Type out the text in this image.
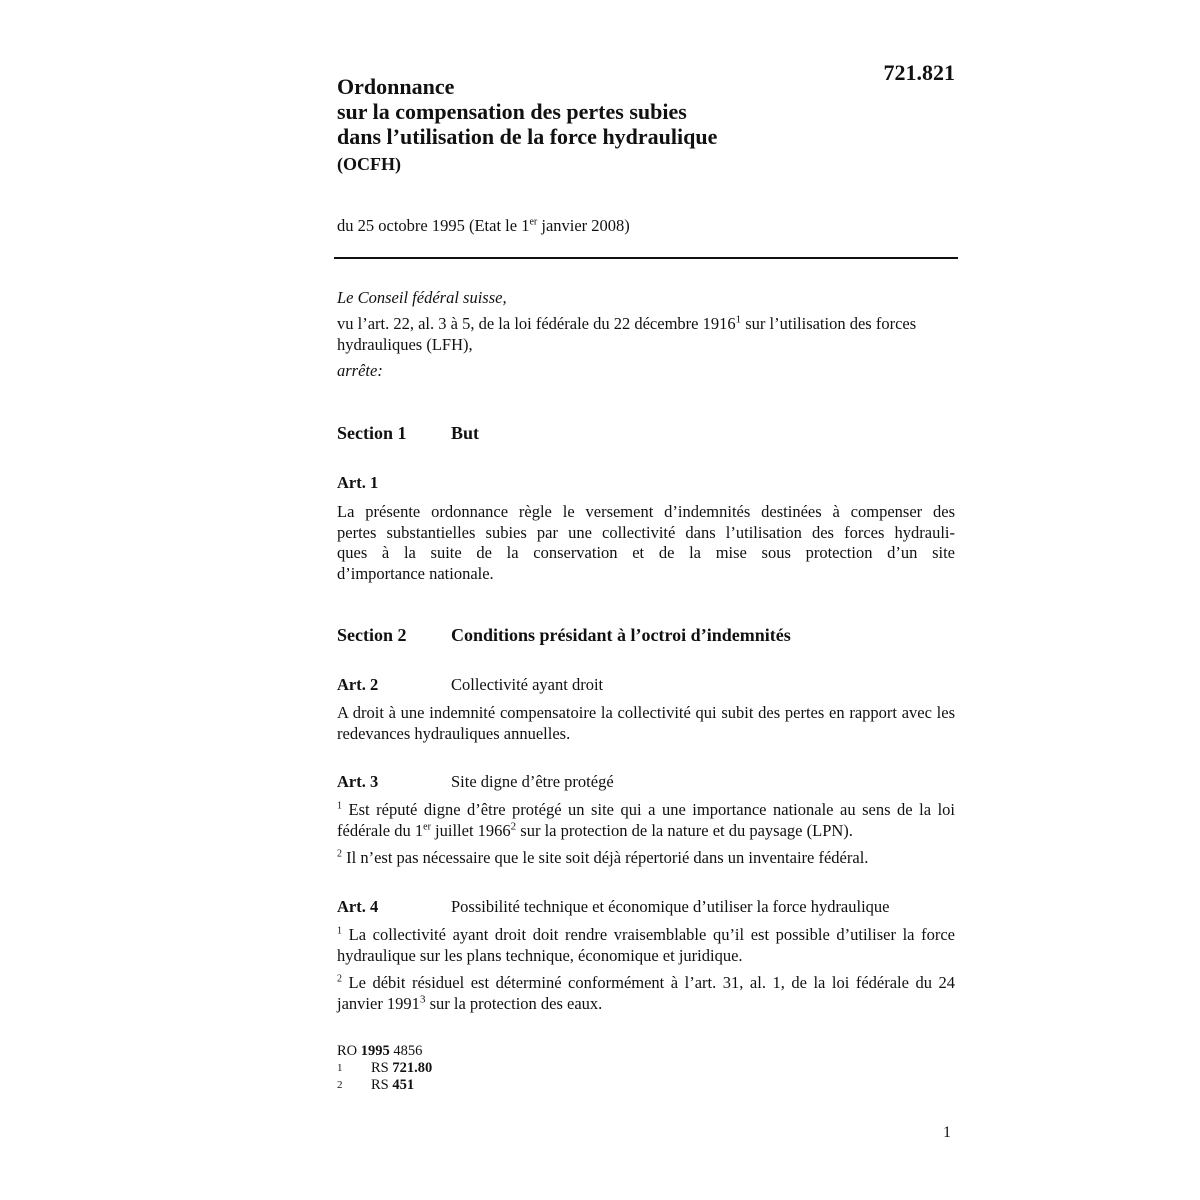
721.821
Ordonnance
sur la compensation des pertes subies
dans l’utilisation de la force hydraulique
(OCFH)
du 25 octobre 1995 (Etat le 1er janvier 2008)
Le Conseil fédéral suisse,
vu l’art. 22, al. 3 à 5, de la loi fédérale du 22 décembre 1916$^1$ sur l’utilisation des forces hydrauliques (LFH),
arrête:
Section 1 But
Art. 1
La présente ordonnance règle le versement d’indemnités destinées à compenser des
pertes substantielles subies par une collectivité dans l’utilisation des forces hydrauli-
ques à la suite de la conservation et de la mise sous protection d’un site
d’importance nationale.
Section 2 Conditions présidant à l’octroi d’indemnités
Art. 2	Collectivité ayant droit
A droit à une indemnité compensatoire la collectivité qui subit des pertes en rapport avec les redevances hydrauliques annuelles.
Art. 3	Site digne d’être protégé
$^1$ Est réputé digne d’être protégé un site qui a une importance nationale au sens de la loi fédérale du 1er juillet 1966$^2$ sur la protection de la nature et du paysage (LPN).
$^2$ Il n’est pas nécessaire que le site soit déjà répertorié dans un inventaire fédéral.
Art. 4	Possibilité technique et économique d’utiliser la force hydraulique
$^1$ La collectivité ayant droit doit rendre vraisemblable qu’il est possible d’utiliser la force hydraulique sur les plans technique, économique et juridique.
$^2$ Le débit résiduel est déterminé conformément à l’art. 31, al. 1, de la loi fédérale du 24 janvier 1991$^3$ sur la protection des eaux.
RO 1995 4856
1 RS 721.80
2 RS 451
1
